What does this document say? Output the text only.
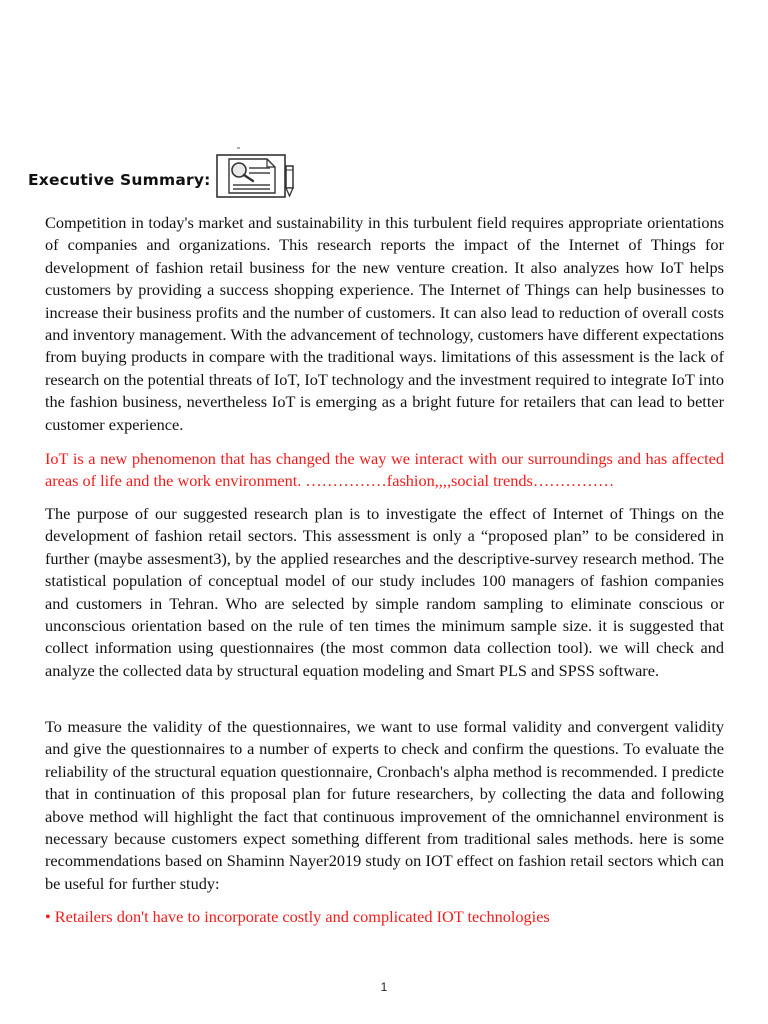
Executive Summary:

Competition in today's market and sustainability in this turbulent field requires appropriate orientations of companies and organizations. This research reports the impact of the Internet of Things for development of fashion retail business for the new venture creation. It also analyzes how IoT helps customers by providing a success shopping experience. The Internet of Things can help businesses to increase their business profits and the number of customers. It can also lead to reduction of overall costs and inventory management. With the advancement of technology, customers have different expectations from buying products in compare with the traditional ways. limitations of this assessment is the lack of research on the potential threats of IoT, IoT technology and the investment required to integrate IoT into the fashion business, nevertheless IoT is emerging as a bright future for retailers that can lead to better customer experience.

IoT is a new phenomenon that has changed the way we interact with our surroundings and has affected areas of life and the work environment. ……………fashion,,,,social trends……………

The purpose of our suggested research plan is to investigate the effect of Internet of Things on the development of fashion retail sectors. This assessment is only a “proposed plan” to be considered in further (maybe assesment3), by the applied researches and the descriptive-survey research method. The statistical population of conceptual model of our study includes 100 managers of fashion companies and customers in Tehran. Who are selected by simple random sampling to eliminate conscious or unconscious orientation based on the rule of ten times the minimum sample size. it is suggested that collect information using questionnaires (the most common data collection tool). we will check and analyze the collected data by structural equation modeling and Smart PLS and SPSS software.

To measure the validity of the questionnaires, we want to use formal validity and convergent validity and give the questionnaires to a number of experts to check and confirm the questions. To evaluate the reliability of the structural equation questionnaire, Cronbach's alpha method is recommended. I predicte that in continuation of this proposal plan for future researchers, by collecting the data and following above method will highlight the fact that continuous improvement of the omnichannel environment is necessary because customers expect something different from traditional sales methods. here is some recommendations based on Shaminn Nayer2019 study on IOT effect on fashion retail sectors which can be useful for further study:

• Retailers don't have to incorporate costly and complicated IOT technologies

1
